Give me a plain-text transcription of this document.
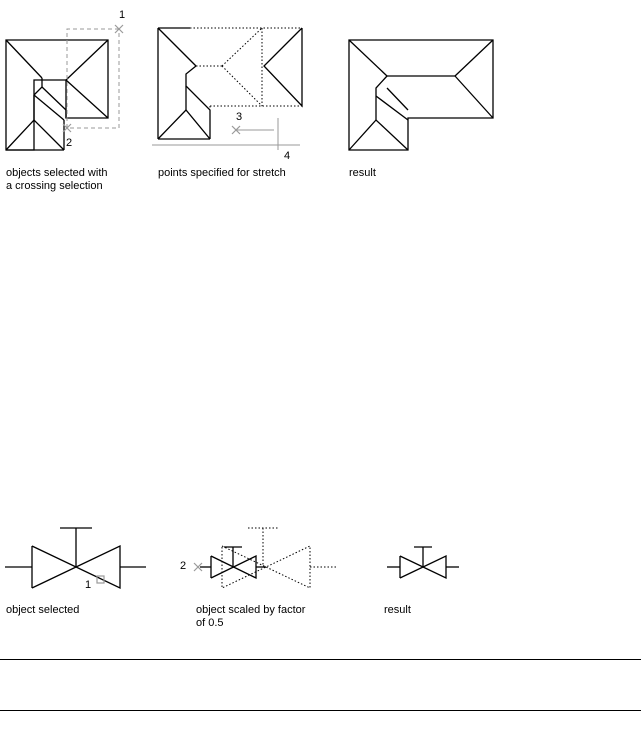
1
2
3
4
1
2
objects selected with
a crossing selection
points specified for stretch	result
object selected	object scaled by factor
of 0.5
result
